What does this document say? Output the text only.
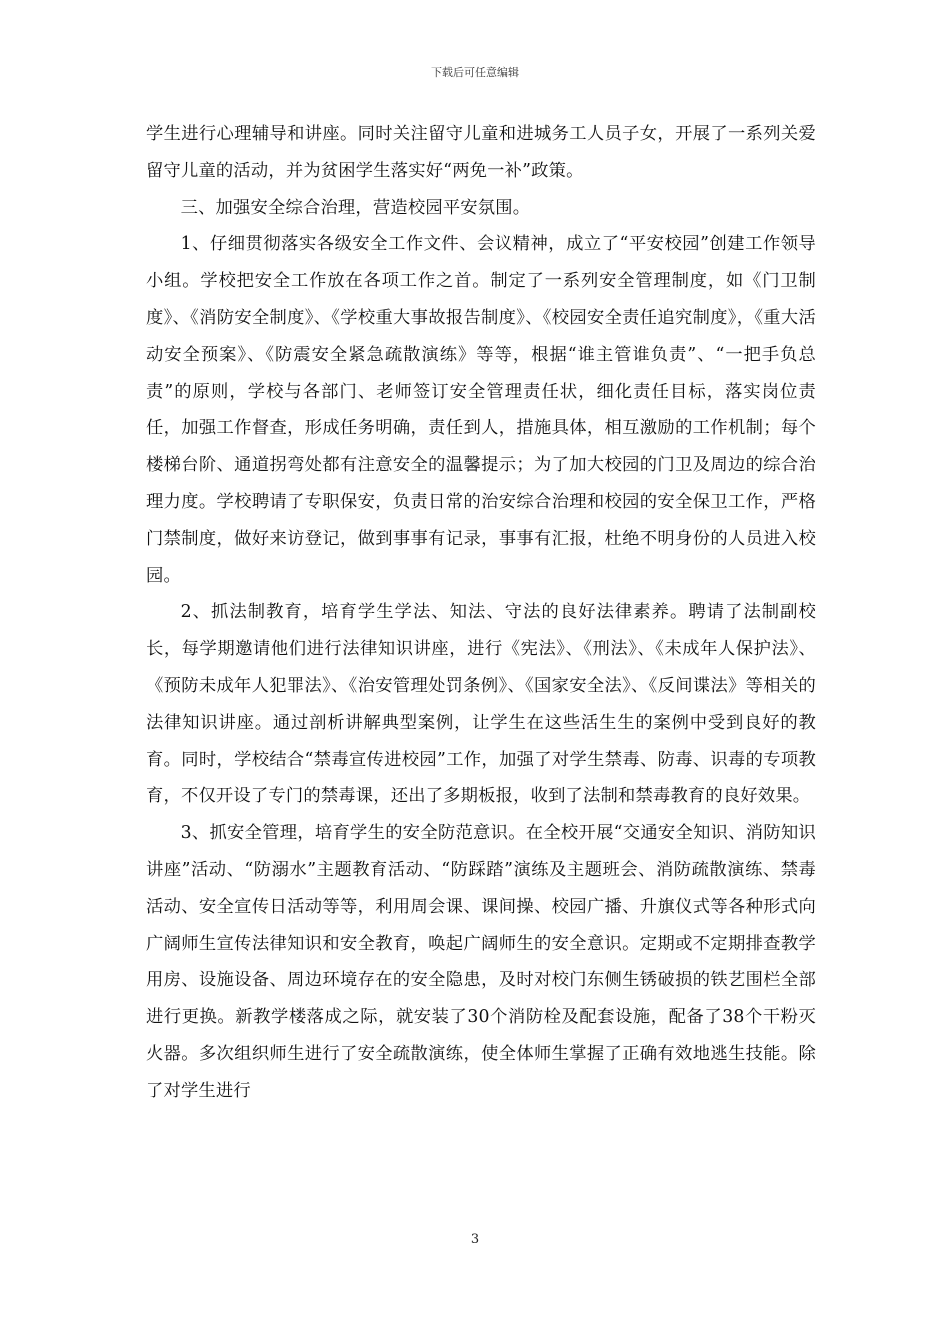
下载后可任意编辑

学生进行心理辅导和讲座。同时关注留守儿童和进城务工人员子女，开展了一系列关爱留守儿童的活动，并为贫困学生落实好“两免一补”政策。

三、加强安全综合治理，营造校园平安氛围。

1、仔细贯彻落实各级安全工作文件、会议精神，成立了“平安校园”创建工作领导小组。学校把安全工作放在各项工作之首。制定了一系列安全管理制度，如《门卫制度》、《消防安全制度》、《学校重大事故报告制度》、《校园安全责任追究制度》，《重大活动安全预案》、《防震安全紧急疏散演练》等等，根据“谁主管谁负责”、“一把手负总责”的原则，学校与各部门、老师签订安全管理责任状，细化责任目标，落实岗位责任，加强工作督查，形成任务明确，责任到人，措施具体，相互激励的工作机制；每个楼梯台阶、通道拐弯处都有注意安全的温馨提示；为了加大校园的门卫及周边的综合治理力度。学校聘请了专职保安，负责日常的治安综合治理和校园的安全保卫工作，严格门禁制度，做好来访登记，做到事事有记录，事事有汇报，杜绝不明身份的人员进入校园。

2、抓法制教育，培育学生学法、知法、守法的良好法律素养。聘请了法制副校长，每学期邀请他们进行法律知识讲座，进行《宪法》、《刑法》、《未成年人保护法》、《预防未成年人犯罪法》、《治安管理处罚条例》、《国家安全法》、《反间谍法》等相关的法律知识讲座。通过剖析讲解典型案例，让学生在这些活生生的案例中受到良好的教育。同时，学校结合“禁毒宣传进校园”工作，加强了对学生禁毒、防毒、识毒的专项教育，不仅开设了专门的禁毒课，还出了多期板报，收到了法制和禁毒教育的良好效果。

3、抓安全管理，培育学生的安全防范意识。在全校开展“交通安全知识、消防知识讲座”活动、“防溺水”主题教育活动、“防踩踏”演练及主题班会、消防疏散演练、禁毒活动、安全宣传日活动等等，利用周会课、课间操、校园广播、升旗仪式等各种形式向广阔师生宣传法律知识和安全教育，唤起广阔师生的安全意识。定期或不定期排查教学用房、设施设备、周边环境存在的安全隐患，及时对校门东侧生锈破损的铁艺围栏全部进行更换。新教学楼落成之际，就安装了30个消防栓及配套设施，配备了38个干粉灭火器。多次组织师生进行了安全疏散演练，使全体师生掌握了正确有效地逃生技能。除了对学生进行

3
